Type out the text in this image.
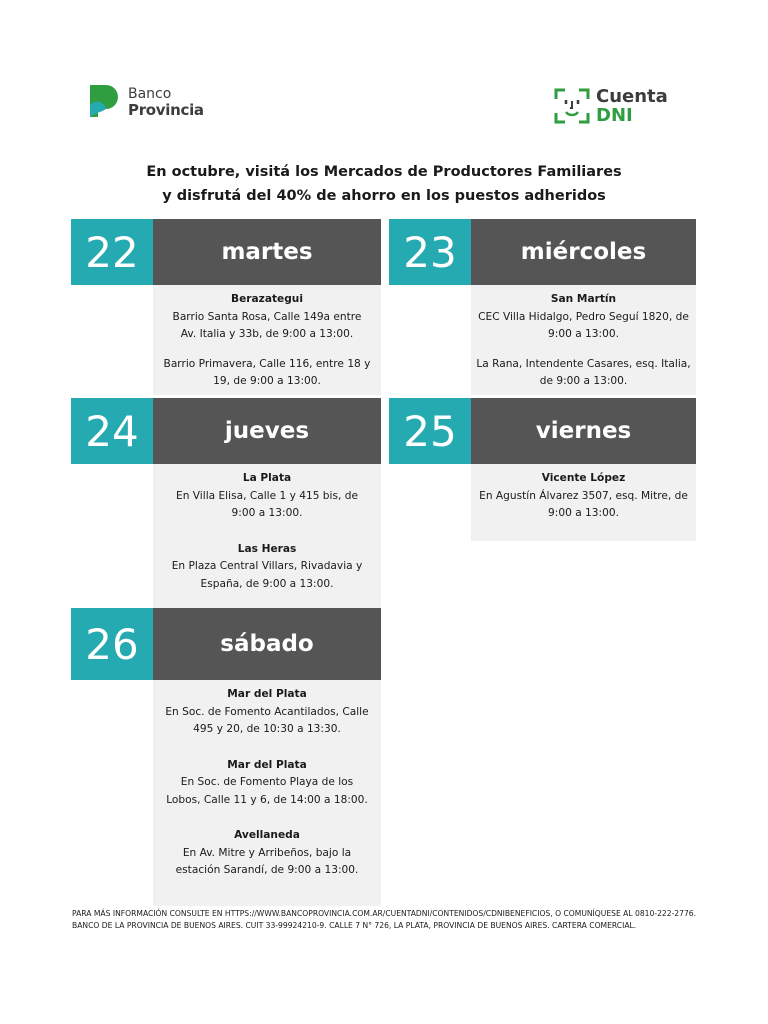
Banco
Provincia
Cuenta
DNI
En octubre, visitá los Mercados de Productores Familiares
y disfrutá del 40% de ahorro en los puestos adheridos
22	martes
Berazategui
Barrio Santa Rosa, Calle 149a entre Av. Italia y 33b, de 9:00 a 13:00.
Barrio Primavera, Calle 116, entre 18 y 19, de 9:00 a 13:00.
23	miércoles
San Martín
CEC Villa Hidalgo, Pedro Seguí 1820, de 9:00 a 13:00.
La Rana, Intendente Casares, esq. Italia, de 9:00 a 13:00.
24	jueves
La Plata
En Villa Elisa, Calle 1 y 415 bis, de 9:00 a 13:00.
Las Heras
En Plaza Central Villars, Rivadavia y España, de 9:00 a 13:00.
25	viernes
Vicente López
En Agustín Álvarez 3507, esq. Mitre, de 9:00 a 13:00.
26	sábado
Mar del Plata
En Soc. de Fomento Acantilados, Calle 495 y 20, de 10:30 a 13:30.
Mar del Plata
En Soc. de Fomento Playa de los Lobos, Calle 11 y 6, de 14:00 a 18:00.
Avellaneda
En Av. Mitre y Arribeños, bajo la estación Sarandí, de 9:00 a 13:00.
PARA MÁS INFORMACIÓN CONSULTE EN HTTPS://WWW.BANCOPROVINCIA.COM.AR/CUENTADNI/CONTENIDOS/CDNIBENEFICIOS, O COMUNÍQUESE AL 0810-222-2776. BANCO DE LA PROVINCIA DE BUENOS AIRES. CUIT 33-99924210-9. CALLE 7 N° 726, LA PLATA, PROVINCIA DE BUENOS AIRES. CARTERA COMERCIAL.
